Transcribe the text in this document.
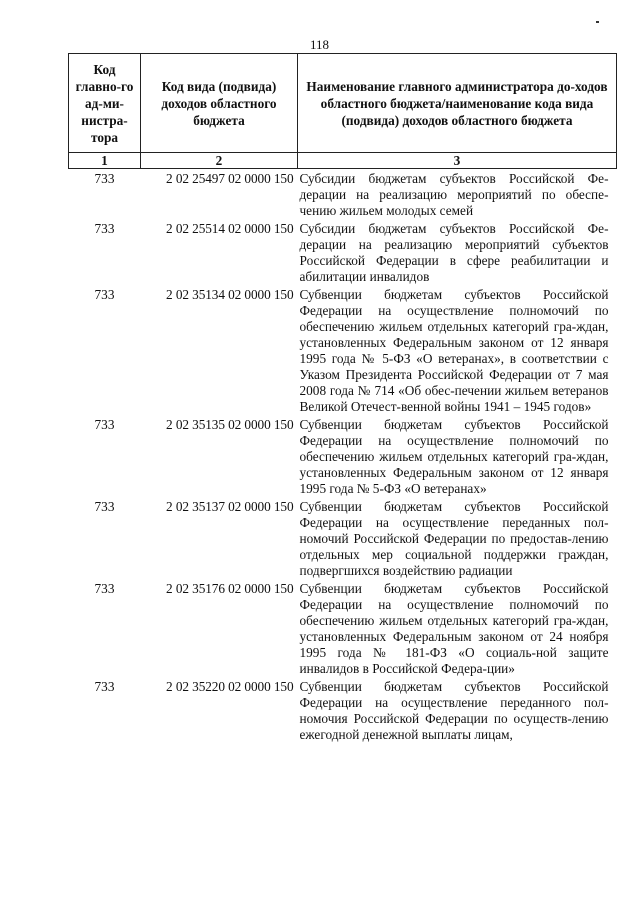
118
Код главно-го ад-ми-нистра-тора	Код вида (подвида) доходов областного бюджета	Наименование главного администратора до-ходов областного бюджета/наименование кода вида (подвида) доходов областного бюджета
1	2	3
733	2 02 25497 02 0000 150	Субсидии бюджетам субъектов Российской Фе-дерации на реализацию мероприятий по обеспе-чению жильем молодых семей
733	2 02 25514 02 0000 150	Субсидии бюджетам субъектов Российской Фе-дерации на реализацию мероприятий субъектов Российской Федерации в сфере реабилитации и абилитации инвалидов
733	2 02 35134 02 0000 150	Субвенции бюджетам субъектов Российской Федерации на осуществление полномочий по обеспечению жильем отдельных категорий гра-ждан, установленных Федеральным законом от 12 января 1995 года № 5-ФЗ «О ветеранах», в соответствии с Указом Президента Российской Федерации от 7 мая 2008 года № 714 «Об обес-печении жильем ветеранов Великой Отечест-венной войны 1941 – 1945 годов»
733	2 02 35135 02 0000 150	Субвенции бюджетам субъектов Российской Федерации на осуществление полномочий по обеспечению жильем отдельных категорий гра-ждан, установленных Федеральным законом от 12 января 1995 года № 5-ФЗ «О ветеранах»
733	2 02 35137 02 0000 150	Субвенции бюджетам субъектов Российской Федерации на осуществление переданных пол-номочий Российской Федерации по предостав-лению отдельных мер социальной поддержки граждан, подвергшихся воздействию радиации
733	2 02 35176 02 0000 150	Субвенции бюджетам субъектов Российской Федерации на осуществление полномочий по обеспечению жильем отдельных категорий гра-ждан, установленных Федеральным законом от 24 ноября 1995 года № 181-ФЗ «О социаль-ной защите инвалидов в Российской Федера-ции»
733	2 02 35220 02 0000 150	Субвенции бюджетам субъектов Российской Федерации на осуществление переданного пол-номочия Российской Федерации по осуществ-лению ежегодной денежной выплаты лицам,
